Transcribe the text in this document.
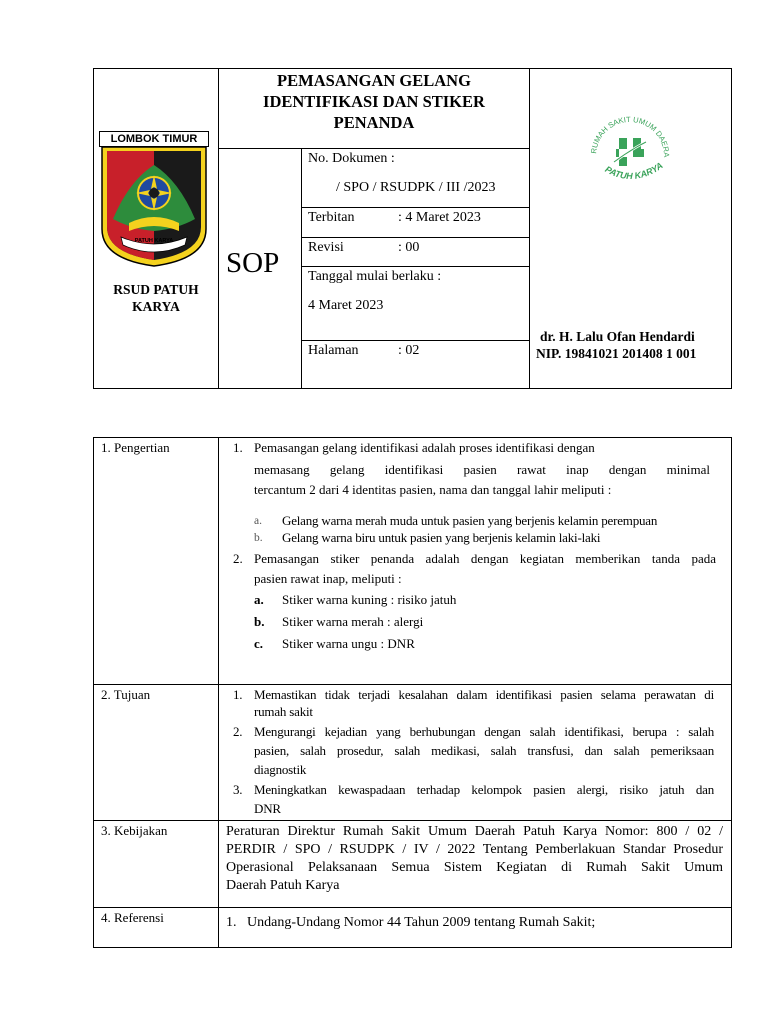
LOMBOK TIMUR
PATUH KARYA
RSUD PATUH KARYA
PEMASANGAN GELANG IDENTIFIKASI DAN STIKER PENANDA
SOP
No. Dokumen :
/ SPO / RSUDPK / III /2023
Terbitan	: 4 Maret 2023
Revisi	: 00
Tanggal mulai berlaku :
4 Maret 2023
Halaman	: 02
RUMAH SAKIT UMUM DAERA
PATUH KARYA
dr. H. Lalu Ofan Hendardi
NIP. 19841021 201408 1 001
1. Pengertian	1. Pemasangan gelang identifikasi adalah proses identifikasi dengan
memasang gelang identifikasi pasien rawat inap dengan minimal
tercantum 2 dari 4 identitas pasien, nama dan tanggal lahir meliputi :
a. Gelang warna merah muda untuk pasien yang berjenis kelamin perempuan
b. Gelang warna biru untuk pasien yang berjenis kelamin laki-laki
2. Pemasangan stiker penanda adalah dengan kegiatan memberikan tanda pada
pasien rawat inap, meliputi :
a. Stiker warna kuning : risiko jatuh
b. Stiker warna merah : alergi
c. Stiker warna ungu : DNR
2. Tujuan	1. Memastikan tidak terjadi kesalahan dalam identifikasi pasien selama perawatan di
rumah sakit
2. Mengurangi kejadian yang berhubungan dengan salah identifikasi, berupa : salah
pasien, salah prosedur, salah medikasi, salah transfusi, dan salah pemeriksaan
diagnostik
3. Meningkatkan kewaspadaan terhadap kelompok pasien alergi, risiko jatuh dan
DNR
3. Kebijakan	Peraturan Direktur Rumah Sakit Umum Daerah Patuh Karya Nomor: 800 / 02 /
PERDIR / SPO / RSUDPK / IV / 2022 Tentang Pemberlakuan Standar Prosedur
Operasional Pelaksanaan Semua Sistem Kegiatan di Rumah Sakit Umum
Daerah Patuh Karya
4. Referensi	1.   Undang-Undang Nomor 44 Tahun 2009 tentang Rumah Sakit;
